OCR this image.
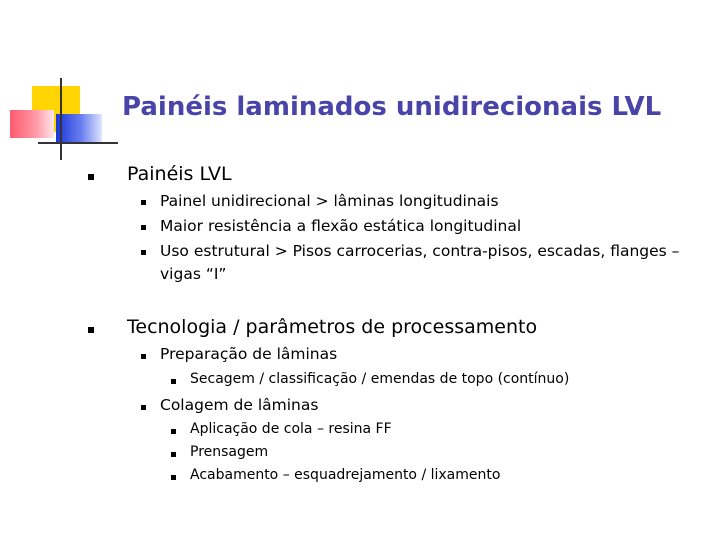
Painéis laminados unidirecionais LVL
Painéis LVL
Painel unidirecional > lâminas longitudinais
Maior resistência a flexão estática longitudinal
Uso estrutural > Pisos carrocerias, contra-pisos, escadas, flanges –
vigas “I”
Tecnologia / parâmetros de processamento
Preparação de lâminas
Secagem / classificação / emendas de topo (contínuo)
Colagem de lâminas
Aplicação de cola – resina FF
Prensagem
Acabamento – esquadrejamento / lixamento
